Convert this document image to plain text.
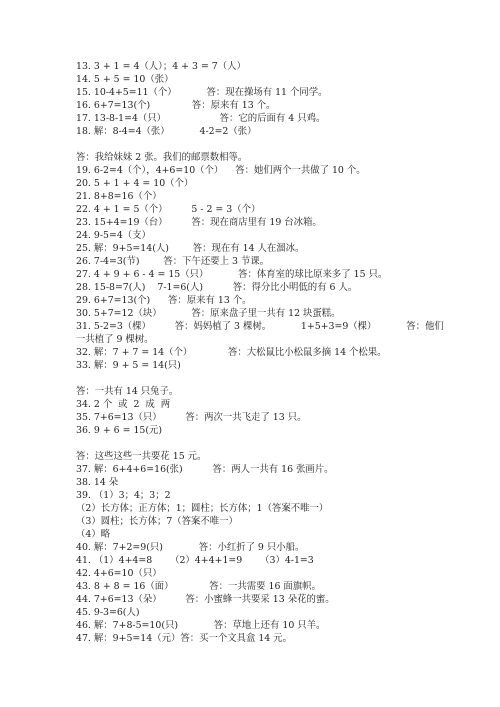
13. 3 + 1 = 4（人）；4 + 3 = 7（人）
14. 5 + 5 = 10（张）
15. 10-4+5=11（个）          答：现在操场有 11 个同学。
16. 6+7=13(个)              答：原来有 13 个。
17. 13-8-1=4（只）                  答：它的后面有 4 只鸡。
18. 解：8-4=4（张）          4-2=2（张）
答：我给妹妹 2 张。我们的邮票数相等。
19. 6-2=4（个），4+6=10（个）    答：她们两个一共做了 10 个。
20. 5 + 1 + 4 = 10（个）
21. 8+8=16（个）
22. 4 + 1 = 5（个）        5 - 2 = 3（个）
23. 15+4=19（台）        答：现在商店里有 19 台冰箱。
24. 9-5=4（支）
25. 解：9+5=14(人)        答：现在有 14 人在溜冰。
26. 7-4=3(节)        答：下午还要上 3 节课。
27. 4 + 9 + 6 - 4 = 15（只）          答：体育室的球比原来多了 15 只。
28. 15-8=7(人)    7-1=6(人)          答：得分比小明低的有 6 人。
29. 6+7=13(个)      答：原来有 13 个。
30. 5+7=12（块）          答：原来盘子里一共有 12 块蛋糕。
31. 5-2=3（棵）        答：妈妈植了 3 棵树。          1+5+3=9（棵）          答：他们
一共植了 9 棵树。
32. 解：7 + 7 = 14（个）            答：大松鼠比小松鼠多摘 14 个松果。
33. 解：9 + 5 = 14(只)
答：一共有 14 只兔子。
34. 2 个  或  2  成  两
35. 7+6=13（只）        答：两次一共飞走了 13 只。
36. 9 + 6 = 15(元)
答：这些这些一共要花 15 元。
37. 解：6+4+6=16(张)          答：两人一共有 16 张画片。
38. 14 朵
39. （1）3；4；3；2
（2）长方体；正方体；1；圆柱；长方体；1（答案不唯一）
（3）圆柱；长方体；7（答案不唯一）
（4）略
40. 解：7+2=9(只)            答：小红折了 9 只小船。
41. （1）4+4=8      （2）4+4+1=9      （3）4-1=3
42. 4+6=10（只）
43. 8 + 8 = 16（面）            答：一共需要 16 面旗帜。
44. 7+6=13（朵）        答：小蜜蜂一共要采 13 朵花的蜜。
45. 9-3=6(人)
46. 解：7+8-5=10(只)            答：草地上还有 10 只羊。
47. 解：9+5=14（元）答：买一个文具盒 14 元。
